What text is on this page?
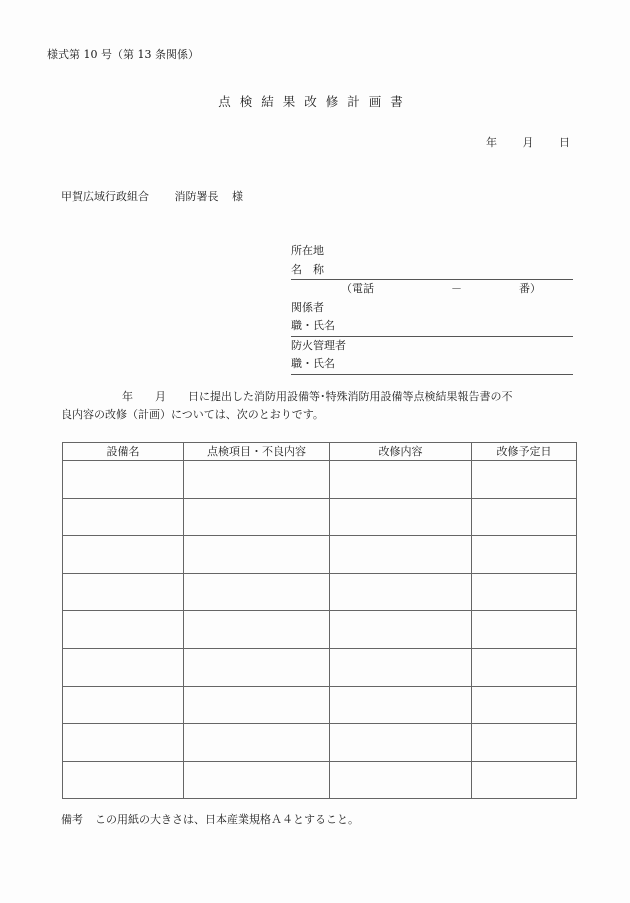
様式第 10 号（第 13 条関係）
点検結果改修計画書
年 月 日
甲賀広域行政組合 消防署長 様
所在地
名　称
（電話	－	番）
関係者
職・氏名
防火管理者
職・氏名
年 月 日に提出した消防用設備等･特殊消防用設備等点検結果報告書の不
良内容の改修（計画）については、次のとおりです。
設備名	点検項目・不良内容	改修内容	改修予定日

備考 この用紙の大きさは、日本産業規格Ａ４とすること。
